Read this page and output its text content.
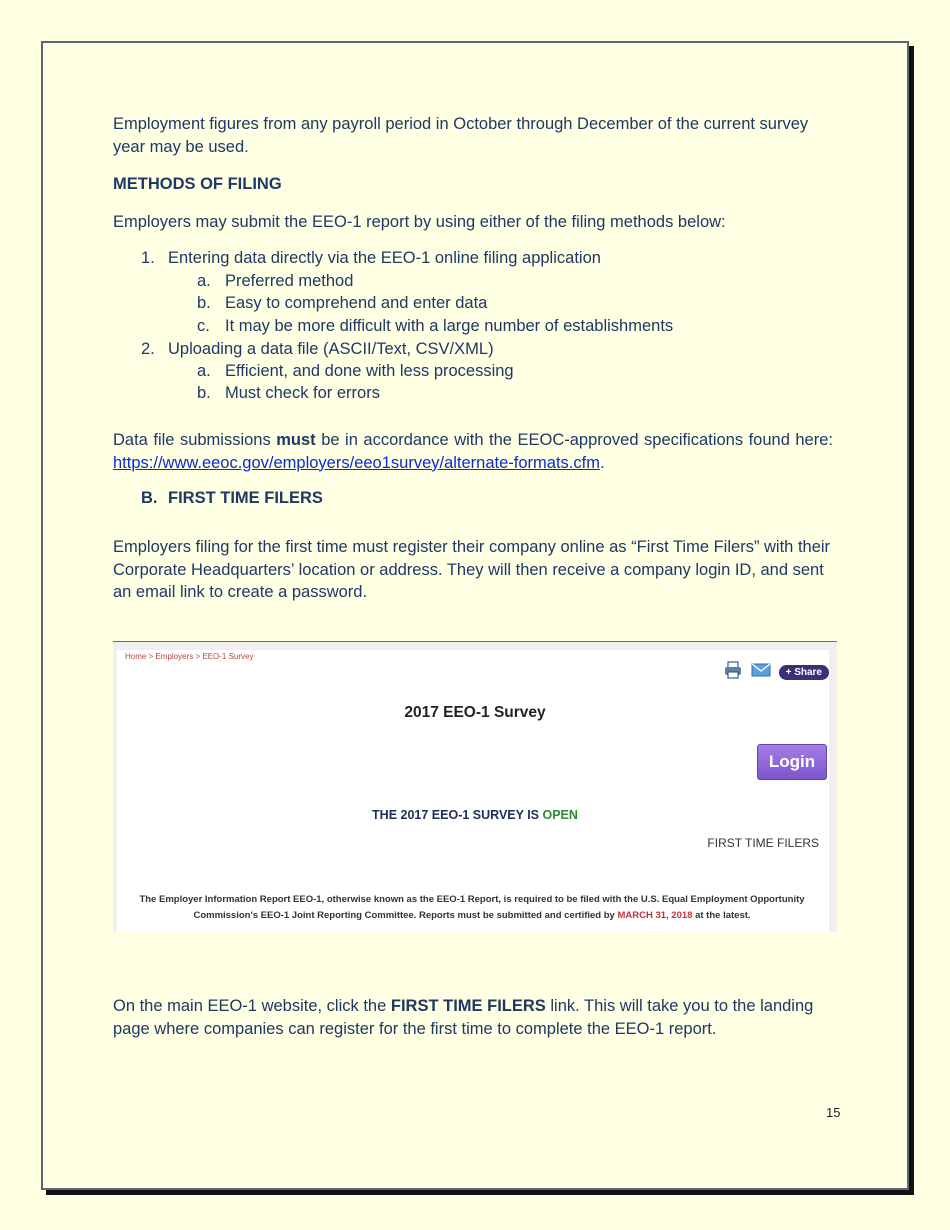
Employment figures from any payroll period in October through December of the current survey year may be used.
METHODS OF FILING
Employers may submit the EEO-1 report by using either of the filing methods below:
1. Entering data directly via the EEO-1 online filing application
a. Preferred method
b. Easy to comprehend and enter data
c. It may be more difficult with a large number of establishments
2. Uploading a data file (ASCII/Text, CSV/XML)
a. Efficient, and done with less processing
b. Must check for errors
Data file submissions must be in accordance with the EEOC-approved specifications found here: https://www.eeoc.gov/employers/eeo1survey/alternate-formats.cfm.
B. FIRST TIME FILERS
Employers filing for the first time must register their company online as “First Time Filers” with their Corporate Headquarters’ location or address. They will then receive a company login ID, and sent an email link to create a password.
Home > Employers > EEO-1 Survey
+ Share
2017 EEO-1 Survey
Login
THE 2017 EEO-1 SURVEY IS OPEN
FIRST TIME FILERS
The Employer Information Report EEO-1, otherwise known as the EEO-1 Report, is required to be filed with the U.S. Equal Employment Opportunity Commission's EEO-1 Joint Reporting Committee. Reports must be submitted and certified by MARCH 31, 2018 at the latest.
On the main EEO-1 website, click the FIRST TIME FILERS link. This will take you to the landing page where companies can register for the first time to complete the EEO-1 report.
15
